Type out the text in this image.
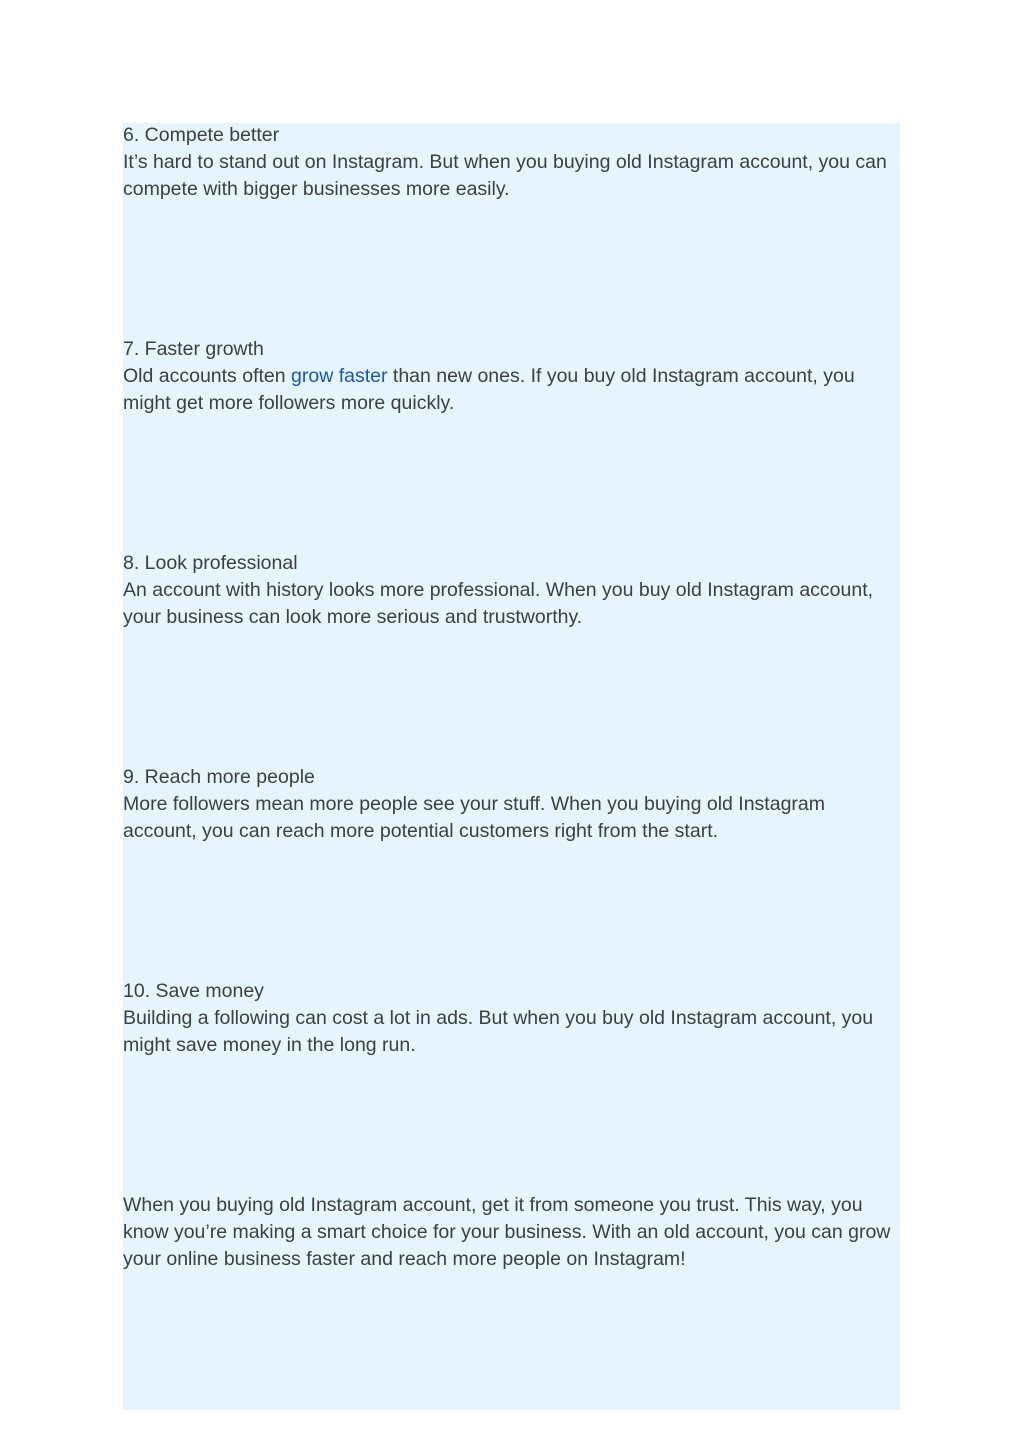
6. Compete better

It’s hard to stand out on Instagram. But when you buying old Instagram account, you can compete with bigger businesses more easily.

7. Faster growth

Old accounts often grow faster than new ones. If you buy old Instagram account, you might get more followers more quickly.

8. Look professional

An account with history looks more professional. When you buy old Instagram account, your business can look more serious and trustworthy.

9. Reach more people

More followers mean more people see your stuff. When you buying old Instagram account, you can reach more potential customers right from the start.

10. Save money

Building a following can cost a lot in ads. But when you buy old Instagram account, you might save money in the long run.

When you buying old Instagram account, get it from someone you trust. This way, you know you’re making a smart choice for your business. With an old account, you can grow your online business faster and reach more people on Instagram!
